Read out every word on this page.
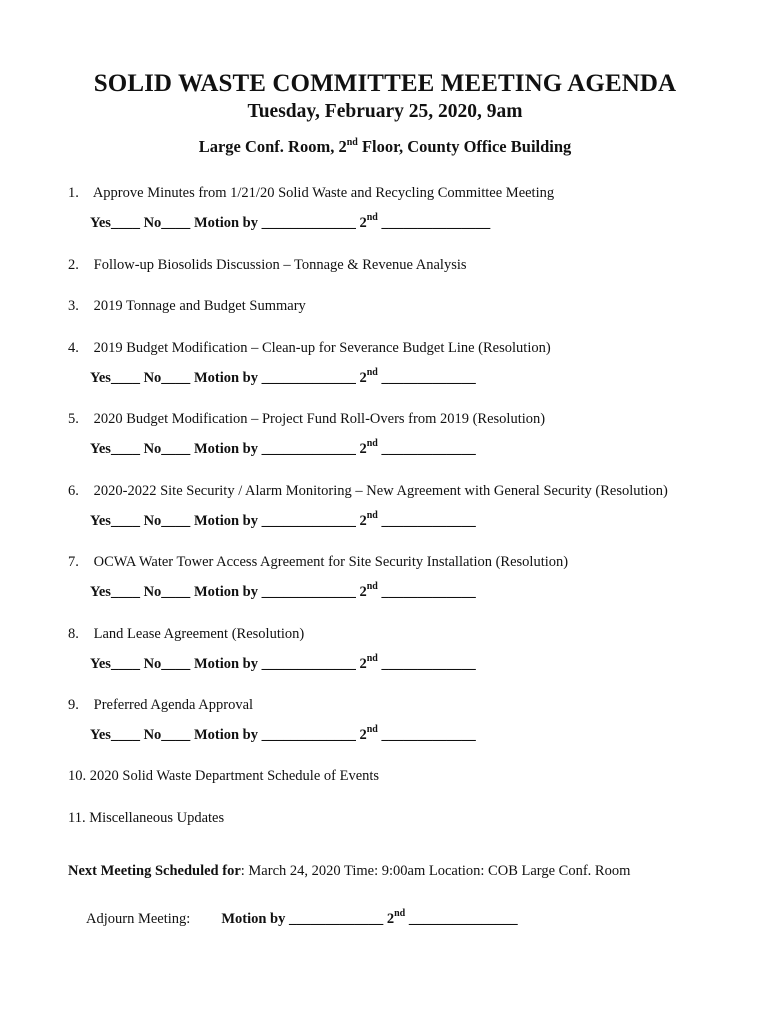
SOLID WASTE COMMITTEE MEETING AGENDA
Tuesday, February 25, 2020, 9am
Large Conf. Room, 2nd Floor, County Office Building
1. Approve Minutes from 1/21/20 Solid Waste and Recycling Committee Meeting
Yes____ No____ Motion by _____________ 2nd _______________
2. Follow-up Biosolids Discussion – Tonnage & Revenue Analysis
3. 2019 Tonnage and Budget Summary
4. 2019 Budget Modification – Clean-up for Severance Budget Line (Resolution)
Yes____ No____ Motion by _____________ 2nd _____________
5. 2020 Budget Modification – Project Fund Roll-Overs from 2019 (Resolution)
Yes____ No____ Motion by _____________ 2nd _____________
6. 2020-2022 Site Security / Alarm Monitoring – New Agreement with General Security (Resolution)
Yes____ No____ Motion by _____________ 2nd _____________
7. OCWA Water Tower Access Agreement for Site Security Installation (Resolution)
Yes____ No____ Motion by _____________ 2nd _____________
8. Land Lease Agreement (Resolution)
Yes____ No____ Motion by _____________ 2nd _____________
9. Preferred Agenda Approval
Yes____ No____ Motion by _____________ 2nd _____________
10. 2020 Solid Waste Department Schedule of Events
11. Miscellaneous Updates
Next Meeting Scheduled for: March 24, 2020 Time: 9:00am Location: COB Large Conf. Room
Adjourn Meeting: Motion by _____________ 2nd _______________
